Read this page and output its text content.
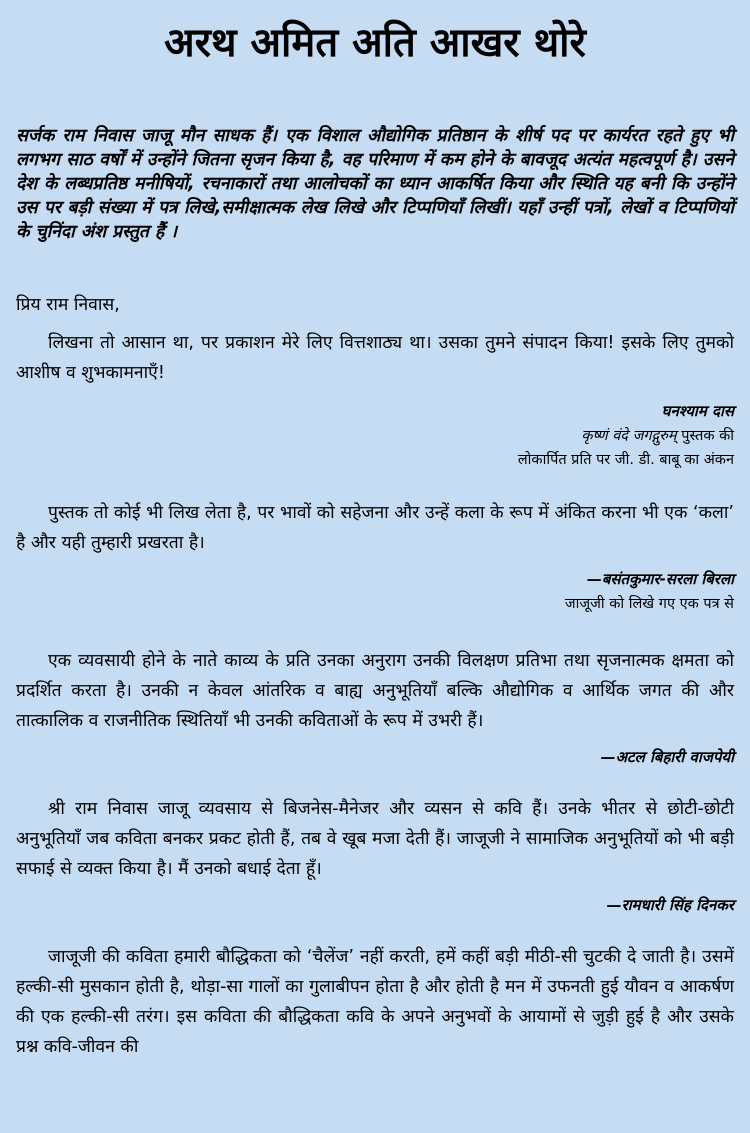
अरथ अमित अति आखर थोरे
सर्जक राम निवास जाजू मौन साधक हैं। एक विशाल औद्योगिक प्रतिष्ठान के शीर्ष पद पर कार्यरत रहते हुए भी लगभग साठ वर्षों में उन्होंने जितना सृजन किया है, वह परिमाण में कम होने के बावजूद अत्यंत महत्वपूर्ण है। उसने देश के लब्धप्रतिष्ठ मनीषियों, रचनाकारों तथा आलोचकों का ध्यान आकर्षित किया और स्थिति यह बनी कि उन्होंने उस पर बड़ी संख्या में पत्र लिखे,समीक्षात्मक लेख लिखे और टिप्पणियाँ लिखीं। यहाँ उन्हीं पत्रों, लेखों व टिप्पणियों के चुनिंदा अंश प्रस्तुत हैं ।
प्रिय राम निवास,

लिखना तो आसान था, पर प्रकाशन मेरे लिए वित्तशाठ्य था। उसका तुमने संपादन किया! इसके लिए तुमको आशीष व शुभकामनाएँ!

घनश्याम दास
कृष्णं वंदे जगद्गुरुम् पुस्तक की
लोकार्पित प्रति पर जी. डी. बाबू का अंकन

पुस्तक तो कोई भी लिख लेता है, पर भावों को सहेजना और उन्हें कला के रूप में अंकित करना भी एक ‘कला’ है और यही तुम्हारी प्रखरता है।

—बसंतकुमार-सरला बिरला
जाजूजी को लिखे गए एक पत्र से

एक व्यवसायी होने के नाते काव्य के प्रति उनका अनुराग उनकी विलक्षण प्रतिभा तथा सृजनात्मक क्षमता को प्रदर्शित करता है। उनकी न केवल आंतरिक व बाह्य अनुभूतियाँ बल्कि औद्योगिक व आर्थिक जगत की और तात्कालिक व राजनीतिक स्थितियाँ भी उनकी कविताओं के रूप में उभरी हैं।

—अटल बिहारी वाजपेयी

श्री राम निवास जाजू व्यवसाय से बिजनेस-मैनेजर और व्यसन से कवि हैं। उनके भीतर से छोटी-छोटी अनुभूतियाँ जब कविता बनकर प्रकट होती हैं, तब वे खूब मजा देती हैं। जाजूजी ने सामाजिक अनुभूतियों को भी बड़ी सफाई से व्यक्त किया है। मैं उनको बधाई देता हूँ।

—रामधारी सिंह दिनकर

जाजूजी की कविता हमारी बौद्धिकता को ‘चैलेंज’ नहीं करती, हमें कहीं बड़ी मीठी-सी चुटकी दे जाती है। उसमें हल्की-सी मुसकान होती है, थोड़ा-सा गालों का गुलाबीपन होता है और होती है मन में उफनती हुई यौवन व आकर्षण की एक हल्की-सी तरंग। इस कविता की बौद्धिकता कवि के अपने अनुभवों के आयामों से जुड़ी हुई है और उसके प्रश्न कवि-जीवन की
